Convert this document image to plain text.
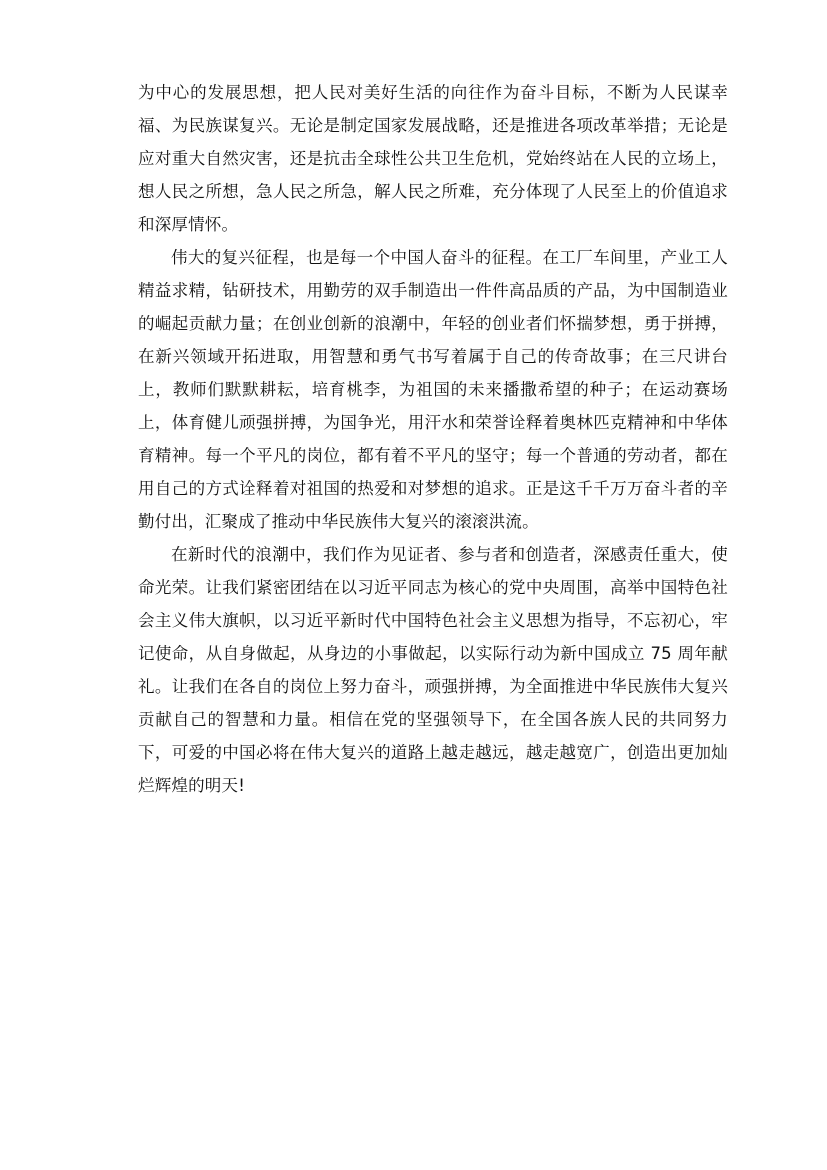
为中心的发展思想，把人民对美好生活的向往作为奋斗目标，不断为人民谋幸福、为民族谋复兴。无论是制定国家发展战略，还是推进各项改革举措；无论是应对重大自然灾害，还是抗击全球性公共卫生危机，党始终站在人民的立场上，想人民之所想，急人民之所急，解人民之所难，充分体现了人民至上的价值追求和深厚情怀。

伟大的复兴征程，也是每一个中国人奋斗的征程。在工厂车间里，产业工人精益求精，钻研技术，用勤劳的双手制造出一件件高品质的产品，为中国制造业的崛起贡献力量；在创业创新的浪潮中，年轻的创业者们怀揣梦想，勇于拼搏，在新兴领域开拓进取，用智慧和勇气书写着属于自己的传奇故事；在三尺讲台上，教师们默默耕耘，培育桃李，为祖国的未来播撒希望的种子；在运动赛场上，体育健儿顽强拼搏，为国争光，用汗水和荣誉诠释着奥林匹克精神和中华体育精神。每一个平凡的岗位，都有着不平凡的坚守；每一个普通的劳动者，都在用自己的方式诠释着对祖国的热爱和对梦想的追求。正是这千千万万奋斗者的辛勤付出，汇聚成了推动中华民族伟大复兴的滚滚洪流。

在新时代的浪潮中，我们作为见证者、参与者和创造者，深感责任重大，使命光荣。让我们紧密团结在以习近平同志为核心的党中央周围，高举中国特色社会主义伟大旗帜，以习近平新时代中国特色社会主义思想为指导，不忘初心，牢记使命，从自身做起，从身边的小事做起，以实际行动为新中国成立 75 周年献礼。让我们在各自的岗位上努力奋斗，顽强拼搏，为全面推进中华民族伟大复兴贡献自己的智慧和力量。相信在党的坚强领导下，在全国各族人民的共同努力下，可爱的中国必将在伟大复兴的道路上越走越远，越走越宽广，创造出更加灿烂辉煌的明天!
